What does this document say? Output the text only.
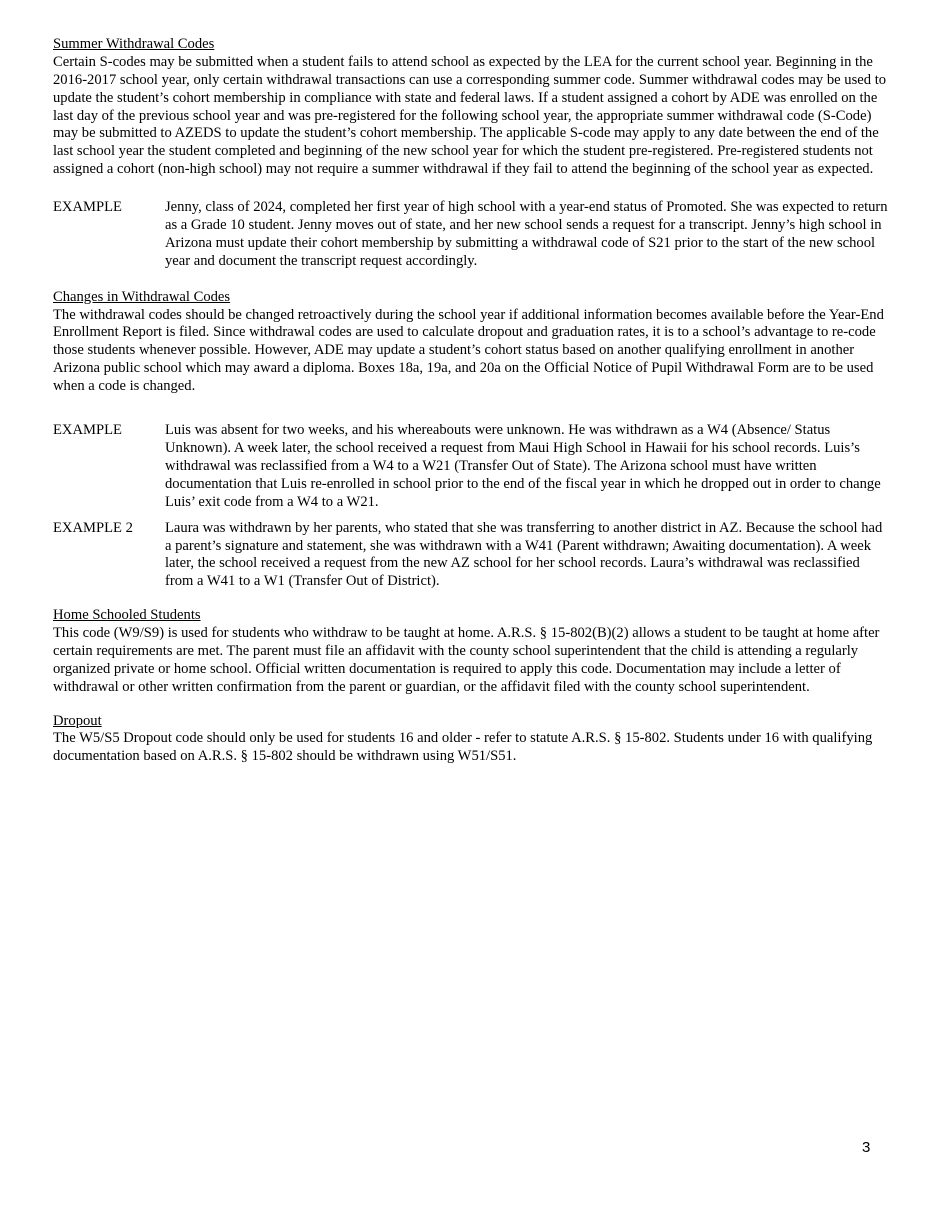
Summer Withdrawal Codes

Certain S-codes may be submitted when a student fails to attend school as expected by the LEA for the current school year. Beginning in the 2016-2017 school year, only certain withdrawal transactions can use a corresponding summer code. Summer withdrawal codes may be used to update the student’s cohort membership in compliance with state and federal laws. If a student assigned a cohort by ADE was enrolled on the last day of the previous school year and was pre-registered for the following school year, the appropriate summer withdrawal code (S-Code) may be submitted to AZEDS to update the student’s cohort membership. The applicable S-code may apply to any date between the end of the last school year the student completed and beginning of the new school year for which the student pre-registered. Pre-registered students not assigned a cohort (non-high school) may not require a summer withdrawal if they fail to attend the beginning of the school year as expected.

EXAMPLE	Jenny, class of 2024, completed her first year of high school with a year-end status of Promoted. She was expected to return as a Grade 10 student. Jenny moves out of state, and her new school sends a request for a transcript. Jenny’s high school in Arizona must update their cohort membership by submitting a withdrawal code of S21 prior to the start of the new school year and document the transcript request accordingly.

Changes in Withdrawal Codes

The withdrawal codes should be changed retroactively during the school year if additional information becomes available before the Year-End Enrollment Report is filed. Since withdrawal codes are used to calculate dropout and graduation rates, it is to a school’s advantage to re-code those students whenever possible. However, ADE may update a student’s cohort status based on another qualifying enrollment in another Arizona public school which may award a diploma. Boxes 18a, 19a, and 20a on the Official Notice of Pupil Withdrawal Form are to be used when a code is changed.

EXAMPLE	Luis was absent for two weeks, and his whereabouts were unknown. He was withdrawn as a W4 (Absence/ Status Unknown). A week later, the school received a request from Maui High School in Hawaii for his school records. Luis’s withdrawal was reclassified from a W4 to a W21 (Transfer Out of State). The Arizona school must have written documentation that Luis re-enrolled in school prior to the end of the fiscal year in which he dropped out in order to change Luis’ exit code from a W4 to a W21.
EXAMPLE 2	Laura was withdrawn by her parents, who stated that she was transferring to another district in AZ. Because the school had a parent’s signature and statement, she was withdrawn with a W41 (Parent withdrawn; Awaiting documentation). A week later, the school received a request from the new AZ school for her school records. Laura’s withdrawal was reclassified from a W41 to a W1 (Transfer Out of District).

Home Schooled Students

This code (W9/S9) is used for students who withdraw to be taught at home. A.R.S. § 15-802(B)(2) allows a student to be taught at home after certain requirements are met. The parent must file an affidavit with the county school superintendent that the child is attending a regularly organized private or home school. Official written documentation is required to apply this code. Documentation may include a letter of withdrawal or other written confirmation from the parent or guardian, or the affidavit filed with the county school superintendent.

Dropout

The W5/S5 Dropout code should only be used for students 16 and older - refer to statute A.R.S. § 15-802. Students under 16 with qualifying documentation based on A.R.S. § 15-802 should be withdrawn using W51/S51.

3
